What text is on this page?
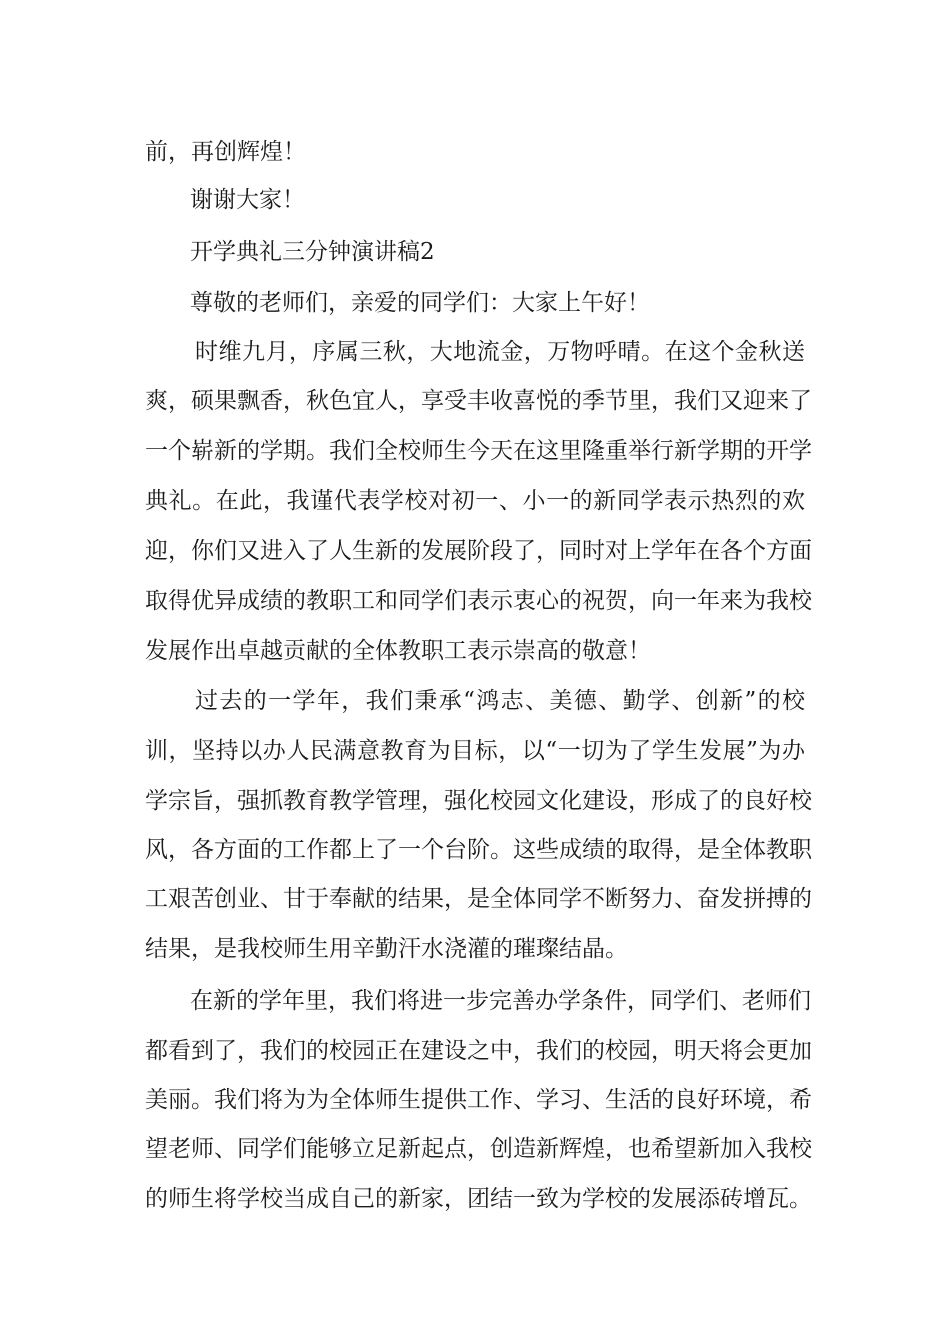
前，再创辉煌！
谢谢大家！
开学典礼三分钟演讲稿2
尊敬的老师们，亲爱的同学们：大家上午好！
时维九月，序属三秋，大地流金，万物呼晴。在这个金秋送
爽，硕果飘香，秋色宜人，享受丰收喜悦的季节里，我们又迎来了
一个崭新的学期。我们全校师生今天在这里隆重举行新学期的开学
典礼。在此，我谨代表学校对初一、小一的新同学表示热烈的欢
迎，你们又进入了人生新的发展阶段了，同时对上学年在各个方面
取得优异成绩的教职工和同学们表示衷心的祝贺，向一年来为我校
发展作出卓越贡献的全体教职工表示崇高的敬意！
过去的一学年，我们秉承“鸿志、美德、勤学、创新”的校
训，坚持以办人民满意教育为目标，以“一切为了学生发展”为办
学宗旨，强抓教育教学管理，强化校园文化建设，形成了的良好校
风，各方面的工作都上了一个台阶。这些成绩的取得，是全体教职
工艰苦创业、甘于奉献的结果，是全体同学不断努力、奋发拼搏的
结果，是我校师生用辛勤汗水浇灌的璀璨结晶。
在新的学年里，我们将进一步完善办学条件，同学们、老师们
都看到了，我们的校园正在建设之中，我们的校园，明天将会更加
美丽。我们将为为全体师生提供工作、学习、生活的良好环境，希
望老师、同学们能够立足新起点，创造新辉煌，也希望新加入我校
的师生将学校当成自己的新家，团结一致为学校的发展添砖增瓦。
